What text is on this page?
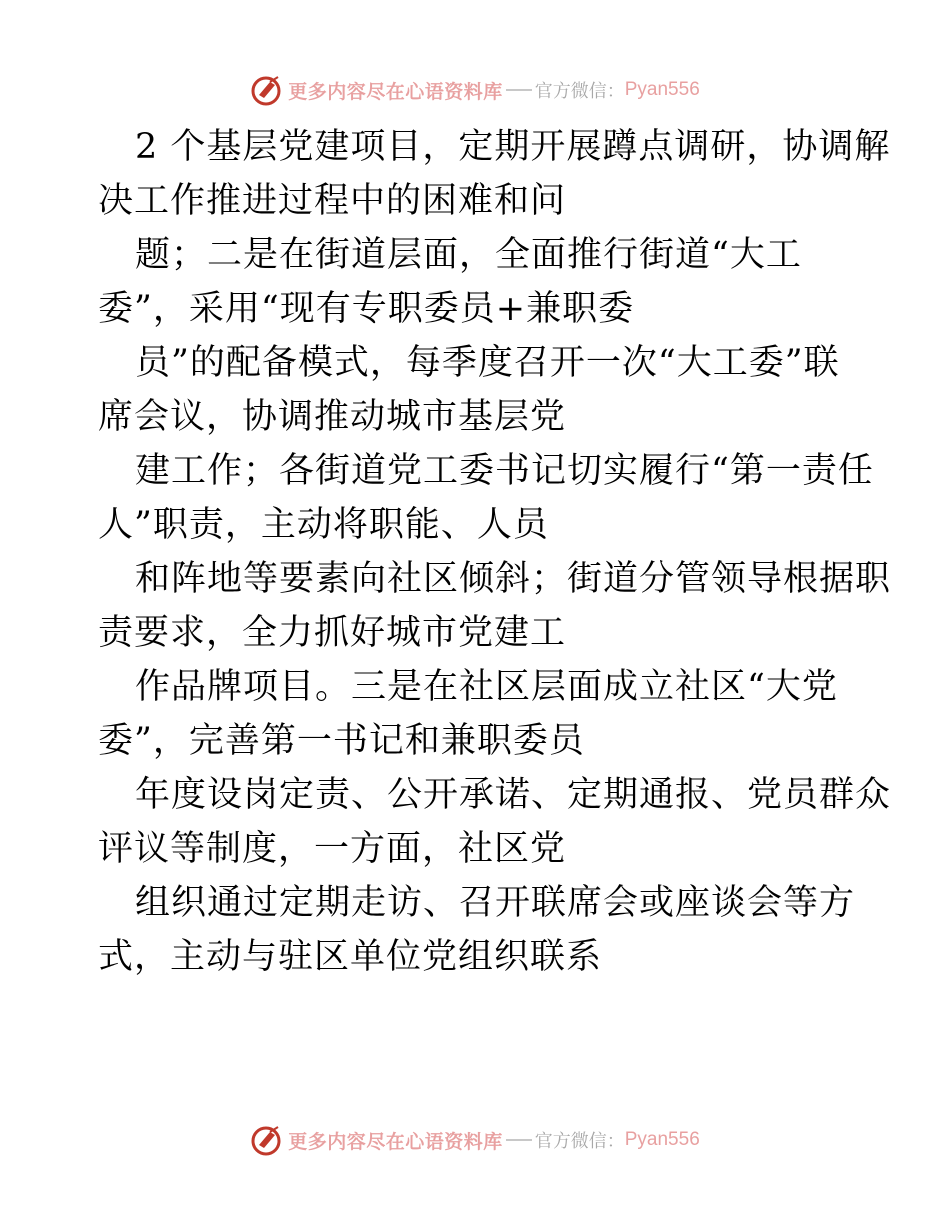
更多内容尽在心语资料库 官方微信： Pyan556
2 个基层党建项目，定期开展蹲点调研，协调解
决工作推进过程中的困难和问
题；二是在街道层面，全面推行街道“大工
委”，采用“现有专职委员+兼职委
员”的配备模式，每季度召开一次“大工委”联
席会议，协调推动城市基层党
建工作；各街道党工委书记切实履行“第一责任
人”职责，主动将职能、人员
和阵地等要素向社区倾斜；街道分管领导根据职
责要求，全力抓好城市党建工
作品牌项目。三是在社区层面成立社区“大党
委”，完善第一书记和兼职委员
年度设岗定责、公开承诺、定期通报、党员群众
评议等制度，一方面，社区党
组织通过定期走访、召开联席会或座谈会等方
式，主动与驻区单位党组织联系
更多内容尽在心语资料库 官方微信： Pyan556
